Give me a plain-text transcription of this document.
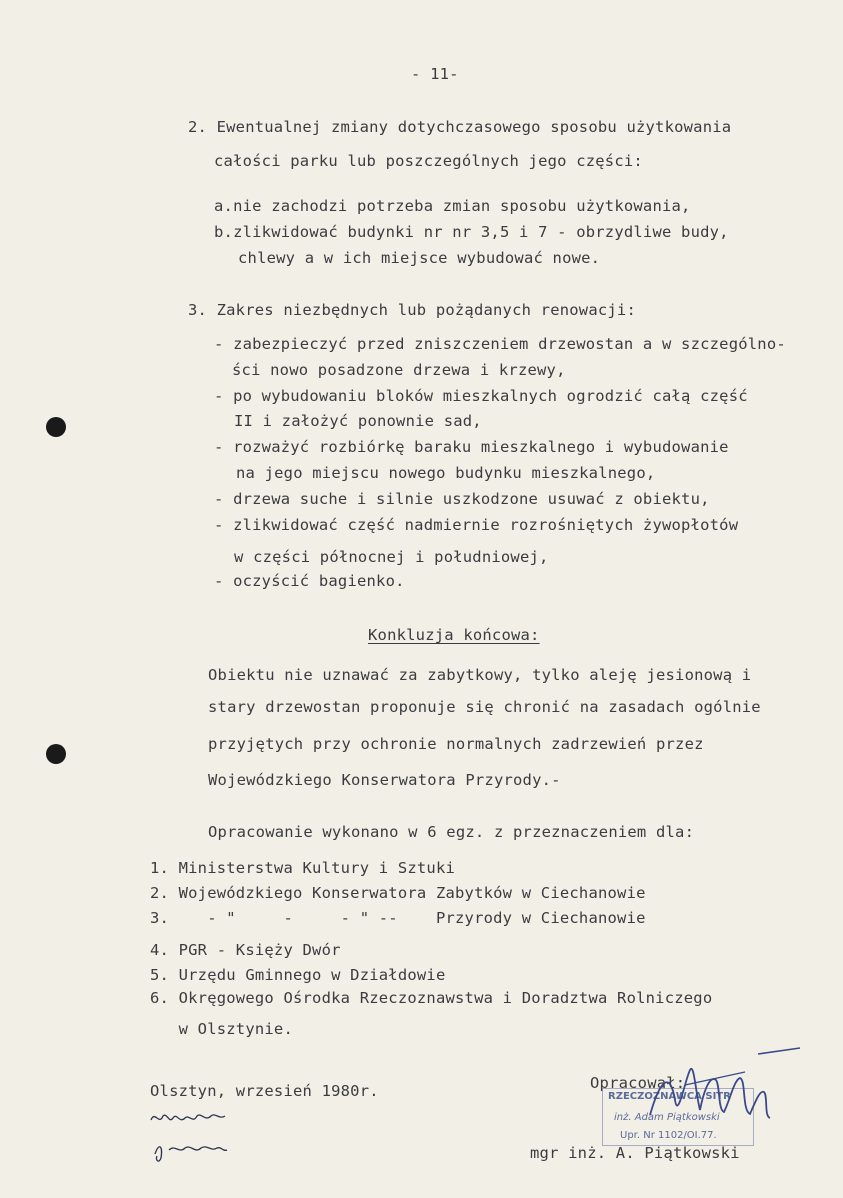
- 11-
2. Ewentualnej zmiany dotychczasowego sposobu użytkowania
całości parku lub poszczególnych jego części:
a.nie zachodzi potrzeba zmian sposobu użytkowania,
b.zlikwidować budynki nr nr 3,5 i 7 - obrzydliwe budy,
chlewy a w ich miejsce wybudować nowe.
3. Zakres niezbędnych lub pożądanych renowacji:
- zabezpieczyć przed zniszczeniem drzewostan a w szczególno-
ści nowo posadzone drzewa i krzewy,
- po wybudowaniu bloków mieszkalnych ogrodzić całą część
II i założyć ponownie sad,
- rozważyć rozbiórkę baraku mieszkalnego i wybudowanie
na jego miejscu nowego budynku mieszkalnego,
- drzewa suche i silnie uszkodzone usuwać z obiektu,
- zlikwidować część nadmiernie rozrośniętych żywopłotów
w części północnej i południowej,
- oczyścić bagienko.
Konkluzja końcowa:
Obiektu nie uznawać za zabytkowy, tylko aleję jesionową i
stary drzewostan proponuje się chronić na zasadach ogólnie
przyjętych przy ochronie normalnych zadrzewień przez
Wojewódzkiego Konserwatora Przyrody.-
Opracowanie wykonano w 6 egz. z przeznaczeniem dla:
1. Ministerstwa Kultury i Sztuki
2. Wojewódzkiego Konserwatora Zabytków w Ciechanowie
3.    - "     -     - " --    Przyrody w Ciechanowie
4. PGR - Księży Dwór
5. Urzędu Gminnego w Działdowie
6. Okręgowego Ośrodka Rzeczoznawstwa i Doradztwa Rolniczego
w Olsztynie.
Olsztyn, wrzesień 1980r.	Opracował:
RZECZOZNAWCA SITR
inż. Adam Piątkowski
Upr. Nr 1102/OI.77.
mgr inż. A. Piątkowski
